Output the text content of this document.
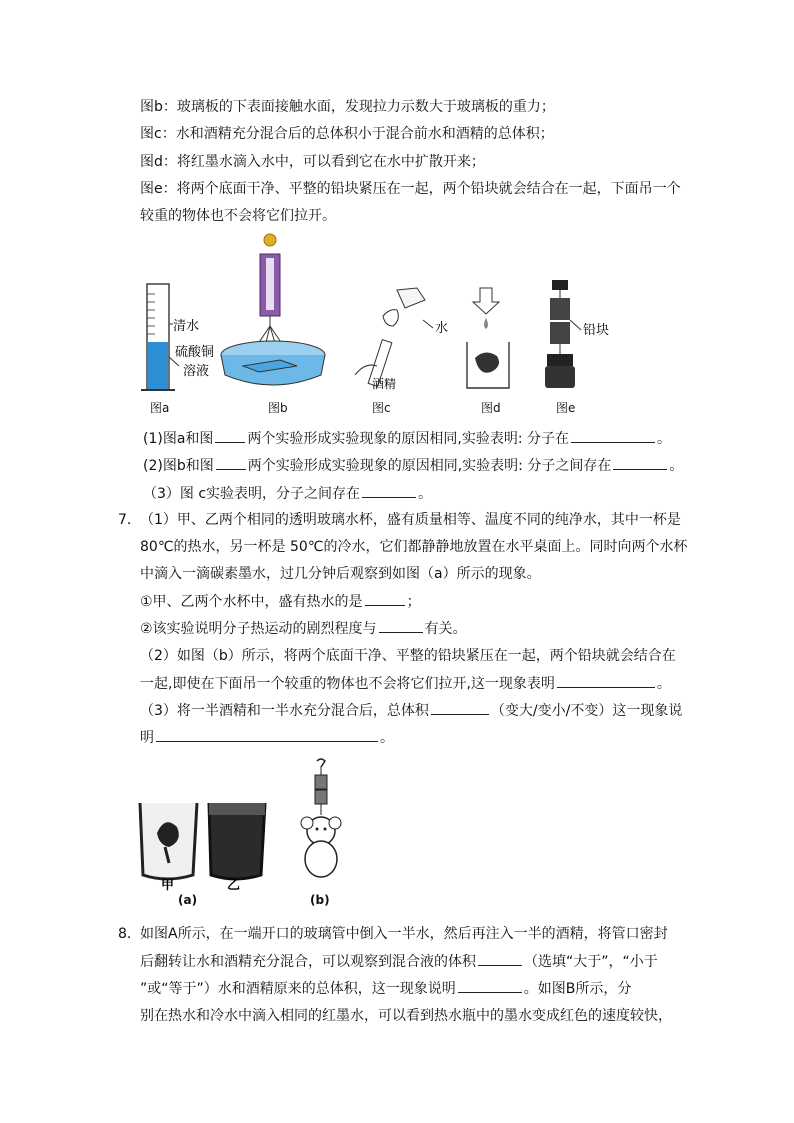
图b：玻璃板的下表面接触水面，发现拉力示数大于玻璃板的重力；
图c：水和酒精充分混合后的总体积小于混合前水和酒精的总体积；
图d：将红墨水滴入水中，可以看到它在水中扩散开来；
图e：将两个底面干净、平整的铅块紧压在一起，两个铅块就会结合在一起，下面吊一个
较重的物体也不会将它们拉开。
清水
硫酸铜
溶液
水
酒精
铅块
图a	图b	图c	图d	图e
(1)图a和图 两个实验形成实验现象的原因相同,实验表明: 分子在	。
(2)图b和图 两个实验形成实验现象的原因相同,实验表明: 分子之间存在	。
（3）图 c实验表明，分子之间存在	。
7． （1）甲、乙两个相同的透明玻璃水杯，盛有质量相等、温度不同的纯净水，其中一杯是
80℃的热水，另一杯是 50℃的冷水，它们都静静地放置在水平桌面上。同时向两个水杯
中滴入一滴碳素墨水，过几分钟后观察到如图（a）所示的现象。
①甲、乙两个水杯中，盛有热水的是	；
②该实验说明分子热运动的剧烈程度与	有关。
（2）如图（b）所示，将两个底面干净、平整的铅块紧压在一起，两个铅块就会结合在
一起,即使在下面吊一个较重的物体也不会将它们拉开,这一现象表明	。
（3）将一半酒精和一半水充分混合后，总体积	（变大/变小/不变）这一现象说
明	。
甲	乙
(a)	(b)
8． 如图A所示，在一端开口的玻璃管中倒入一半水，然后再注入一半的酒精，将管口密封
后翻转让水和酒精充分混合，可以观察到混合液的体积	（选填“大于”，“小于
”或“等于”）水和酒精原来的总体积，这一现象说明	。如图B所示，分
别在热水和冷水中滴入相同的红墨水，可以看到热水瓶中的墨水变成红色的速度较快，
